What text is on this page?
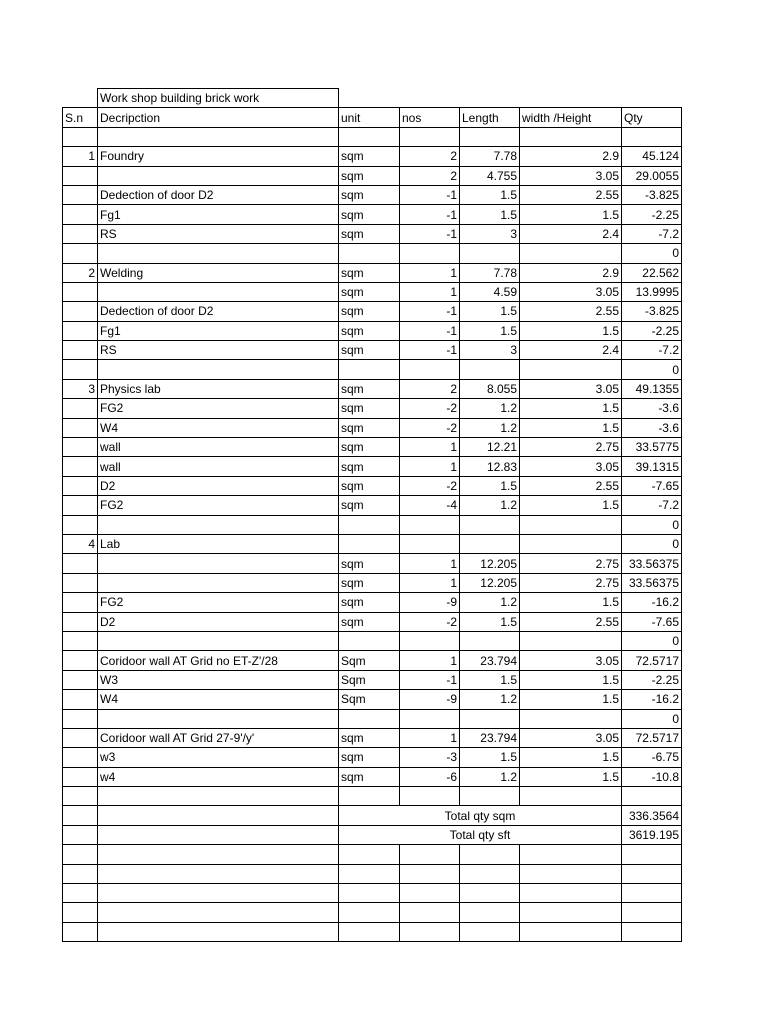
	Work shop building brick work					
S.n	Decripction	unit	nos	Length	width /Height	Qty

1	Foundry	sqm	2	7.78	2.9	45.124
		sqm	2	4.755	3.05	29.0055
	Dedection of door D2	sqm	-1	1.5	2.55	-3.825
	Fg1	sqm	-1	1.5	1.5	-2.25
	RS	sqm	-1	3	2.4	-7.2
						0
2	Welding	sqm	1	7.78	2.9	22.562
		sqm	1	4.59	3.05	13.9995
	Dedection of door D2	sqm	-1	1.5	2.55	-3.825
	Fg1	sqm	-1	1.5	1.5	-2.25
	RS	sqm	-1	3	2.4	-7.2
						0
3	Physics lab	sqm	2	8.055	3.05	49.1355
	FG2	sqm	-2	1.2	1.5	-3.6
	W4	sqm	-2	1.2	1.5	-3.6
	wall	sqm	1	12.21	2.75	33.5775
	wall	sqm	1	12.83	3.05	39.1315
	D2	sqm	-2	1.5	2.55	-7.65
	FG2	sqm	-4	1.2	1.5	-7.2
						0
4	Lab					0
		sqm	1	12.205	2.75	33.56375
		sqm	1	12.205	2.75	33.56375
	FG2	sqm	-9	1.2	1.5	-16.2
	D2	sqm	-2	1.5	2.55	-7.65
						0
	Coridoor wall AT Grid no ET-Z'/28	Sqm	1	23.794	3.05	72.5717
	W3	Sqm	-1	1.5	1.5	-2.25
	W4	Sqm	-9	1.2	1.5	-16.2
						0
	Coridoor wall AT Grid 27-9'/y'	sqm	1	23.794	3.05	72.5717
	w3	sqm	-3	1.5	1.5	-6.75
	w4	sqm	-6	1.2	1.5	-10.8

		Total qty sqm				336.3564
		Total qty sft				3619.195
